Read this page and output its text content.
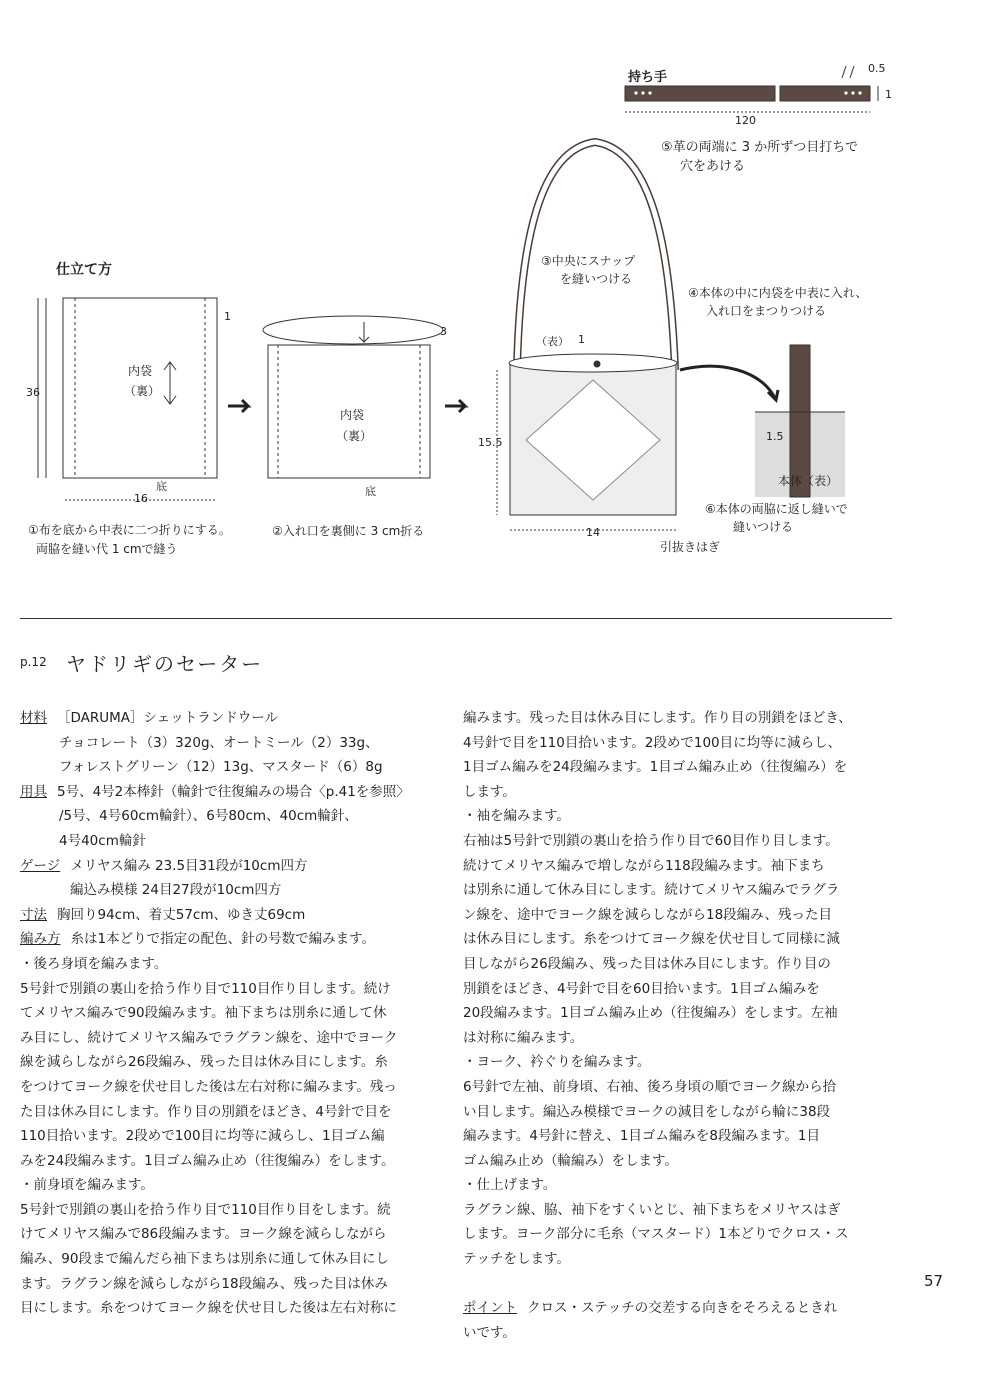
持ち手
0.5
1
120
⑤革の両端に 3 か所ずつ目打ちで
穴をあける
仕立て方
内袋
（裏）
36
1
16
底
①布を底から中表に二つ折りにする。
両脇を縫い代 1 cmで縫う
内袋
（裏）
3
底
②入れ口を裏側に 3 cm折る
③中央にスナップ
を縫いつける
④本体の中に内袋を中表に入れ、
入れ口をまつりつける
（表） 1
15.5
14
引抜きはぎ
1.5
本体（表）
⑥本体の両脇に返し縫いで
縫いつける
p.12 ヤドリギのセーター
材料 ［DARUMA］シェットランドウール
チョコレート（3）320g、オートミール（2）33g、
フォレストグリーン（12）13g、マスタード（6）8g
用具 5号、4号2本棒針（輪針で往復編みの場合〈p.41を参照〉
/5号、4号60cm輪針）、6号80cm、40cm輪針、
4号40cm輪針
ゲージ メリヤス編み 23.5目31段が10cm四方
編込み模様 24目27段が10cm四方
寸法 胸回り94cm、着丈57cm、ゆき丈69cm
編み方 糸は1本どりで指定の配色、針の号数で編みます。
・後ろ身頃を編みます。
5号針で別鎖の裏山を拾う作り目で110目作り目します。続け
てメリヤス編みで90段編みます。袖下まちは別糸に通して休
み目にし、続けてメリヤス編みでラグラン線を、途中でヨーク
線を減らしながら26段編み、残った目は休み目にします。糸
をつけてヨーク線を伏せ目した後は左右対称に編みます。残っ
た目は休み目にします。作り目の別鎖をほどき、4号針で目を
110目拾います。2段めで100目に均等に減らし、1目ゴム編
みを24段編みます。1目ゴム編み止め（往復編み）をします。
・前身頃を編みます。
5号針で別鎖の裏山を拾う作り目で110目作り目をします。続
けてメリヤス編みで86段編みます。ヨーク線を減らしながら
編み、90段まで編んだら袖下まちは別糸に通して休み目にし
ます。ラグラン線を減らしながら18段編み、残った目は休み
目にします。糸をつけてヨーク線を伏せ目した後は左右対称に
編みます。残った目は休み目にします。作り目の別鎖をほどき、
4号針で目を110目拾います。2段めで100目に均等に減らし、
1目ゴム編みを24段編みます。1目ゴム編み止め（往復編み）を
します。
・袖を編みます。
右袖は5号針で別鎖の裏山を拾う作り目で60目作り目します。
続けてメリヤス編みで増しながら118段編みます。袖下まち
は別糸に通して休み目にします。続けてメリヤス編みでラグラ
ン線を、途中でヨーク線を減らしながら18段編み、残った目
は休み目にします。糸をつけてヨーク線を伏せ目して同様に減
目しながら26段編み、残った目は休み目にします。作り目の
別鎖をほどき、4号針で目を60目拾います。1目ゴム編みを
20段編みます。1目ゴム編み止め（往復編み）をします。左袖
は対称に編みます。
・ヨーク、衿ぐりを編みます。
6号針で左袖、前身頃、右袖、後ろ身頃の順でヨーク線から拾
い目します。編込み模様でヨークの減目をしながら輪に38段
編みます。4号針に替え、1目ゴム編みを8段編みます。1目
ゴム編み止め（輪編み）をします。
・仕上げます。
ラグラン線、脇、袖下をすくいとじ、袖下まちをメリヤスはぎ
します。ヨーク部分に毛糸（マスタード）1本どりでクロス・ス
テッチをします。
ポイント クロス・ステッチの交差する向きをそろえるときれ
いです。
57
